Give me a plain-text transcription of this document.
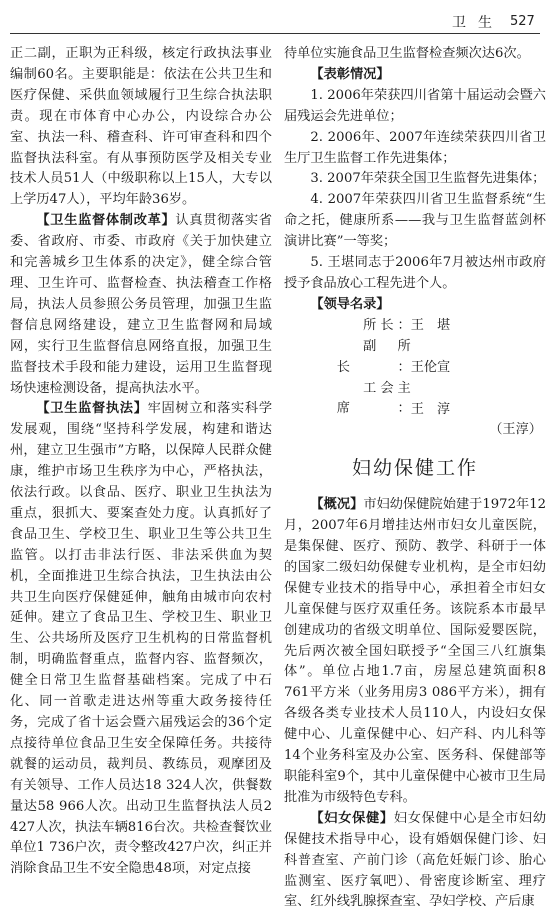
卫生 527

正二副，正职为正科级，核定行政执法事业编制60名。主要职能是：依法在公共卫生和医疗保健、采供血领域履行卫生综合执法职责。现在市体育中心办公，内设综合办公室、执法一科、稽查科、许可审查科和四个监督执法科室。有从事预防医学及相关专业技术人员51人（中级职称以上15人，大专以上学历47人），平均年龄36岁。

【 卫生监督体制改革 】 认真贯彻落实省委、省政府、市委、市政府《关于加快建立和完善城乡卫生体系的决定》，健全综合管理、卫生许可、监督检查、执法稽查工作格局，执法人员参照公务员管理，加强卫生监督信息网络建设，建立卫生监督网和局域网，实行卫生监督信息网络直报，加强卫生监督技术手段和能力建设，运用卫生监督现场快速检测设备，提高执法水平。

【 卫生监督执法 】 牢固树立和落实科学发展观，围绕“坚持科学发展，构建和谐达州，建立卫生强市”方略，以保障人民群众健康，维护市场卫生秩序为中心，严格执法，依法行政。以食品、医疗、职业卫生执法为重点，狠抓大、要案查处力度。认真抓好了食品卫生、学校卫生、职业卫生等公共卫生监管。以打击非法行医、非法采供血为契机，全面推进卫生综合执法，卫生执法由公共卫生向医疗保健延伸，触角由城市向农村延伸。建立了食品卫生、学校卫生、职业卫生、公共场所及医疗卫生机构的日常监督机制，明确监督重点，监督内容、监督频次，健全日常卫生监督基础档案。完成了中石化、同一首歌走进达州等重大政务接待任务，完成了省十运会暨六届残运会的36个定点接待单位食品卫生安全保障任务。共接待就餐的运动员，裁判员、教练员，观摩团及有关领导、工作人员达18 324人次，供餐数量达58 966人次。出动卫生监督执法人员2 427人次，执法车辆816台次。共检查餐饮业单位1 736户次，责令整改427户次，纠正并消除食品卫生不安全隐患48项，对定点接

待单位实施食品卫生监督检查频次达6次。

【 表彰情况 】

1. 2006年荣获四川省第十届运动会暨六届残运会先进单位；

2. 2006年、2007年连续荣获四川省卫生厅卫生监督工作先进集体；

3. 2007年荣获全国卫生监督先进集体；

4. 2007年荣获四川省卫生监督系统“生命之托，健康所系——我与卫生监督蓝剑杯演讲比赛”一等奖；

5. 王堪同志于2006年7月被达州市政府授予食品放心工程先进个人。

【 领导名录 】

所长：王　堪

副所长：王伦宣

工会主席：王　淳

（王淳）

妇幼保健工作

【 概况 】 市妇幼保健院始建于1972年12月，2007年6月增挂达州市妇女儿童医院，是集保健、医疗、预防、教学、科研于一体的国家二级妇幼保健专业机构，是全市妇幼保健专业技术的指导中心，承担着全市妇女儿童保健与医疗双重任务。该院系本市最早创建成功的省级文明单位、国际爱婴医院，先后两次被全国妇联授予“全国三八红旗集体”。单位占地1.7亩，房屋总建筑面积8 761平方米（业务用房3 086平方米），拥有各级各类专业技术人员110人，内设妇女保健中心、儿童保健中心、妇产科、内儿科等14个业务科室及办公室、医务科、保健部等职能科室9个，其中儿童保健中心被市卫生局批准为市级特色专科。

【 妇女保健 】 妇女保健中心是全市妇幼保健技术指导中心，设有婚姻保健门诊、妇科普查室、产前门诊（高危妊娠门诊、胎心监测室、医疗氧吧）、骨密度诊断室、理疗室、红外线乳腺探查室、孕妇学校、产后康
